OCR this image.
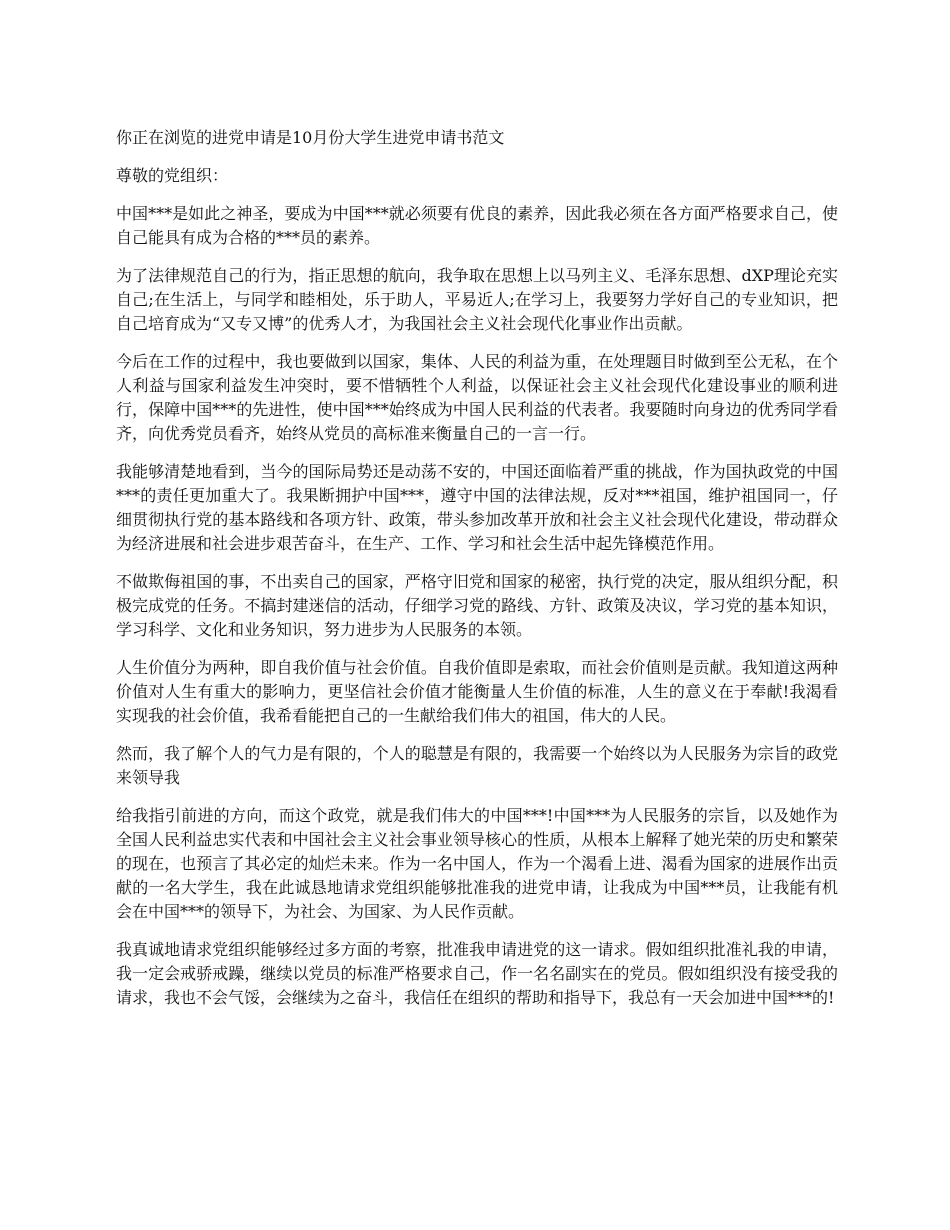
你正在浏览的进党申请是10月份大学生进党申请书范文

尊敬的党组织：

中国***是如此之神圣，要成为中国***就必须要有优良的素养，因此我必须在各方面严格要求自己，使自己能具有成为合格的***员的素养。

为了法律规范自己的行为，指正思想的航向，我争取在思想上以马列主义、毛泽东思想、dXP理论充实自己;在生活上，与同学和睦相处，乐于助人，平易近人;在学习上，我要努力学好自己的专业知识，把自己培育成为“又专又博”的优秀人才，为我国社会主义社会现代化事业作出贡献。

今后在工作的过程中，我也要做到以国家，集体、人民的利益为重，在处理题目时做到至公无私，在个人利益与国家利益发生冲突时，要不惜牺牲个人利益，以保证社会主义社会现代化建设事业的顺利进行，保障中国***的先进性，使中国***始终成为中国人民利益的代表者。我要随时向身边的优秀同学看齐，向优秀党员看齐，始终从党员的高标准来衡量自己的一言一行。

我能够清楚地看到，当今的国际局势还是动荡不安的，中国还面临着严重的挑战，作为国执政党的中国***的责任更加重大了。我果断拥护中国***，遵守中国的法律法规，反对***祖国，维护祖国同一，仔细贯彻执行党的基本路线和各项方针、政策，带头参加改革开放和社会主义社会现代化建设，带动群众为经济进展和社会进步艰苦奋斗，在生产、工作、学习和社会生活中起先锋模范作用。

不做欺侮祖国的事，不出卖自己的国家，严格守旧党和国家的秘密，执行党的决定，服从组织分配，积极完成党的任务。不搞封建迷信的活动，仔细学习党的路线、方针、政策及决议，学习党的基本知识，学习科学、文化和业务知识，努力进步为人民服务的本领。

人生价值分为两种，即自我价值与社会价值。自我价值即是索取，而社会价值则是贡献。我知道这两种价值对人生有重大的影响力，更坚信社会价值才能衡量人生价值的标准，人生的意义在于奉献!我渴看实现我的社会价值，我希看能把自己的一生献给我们伟大的祖国，伟大的人民。

然而，我了解个人的气力是有限的，个人的聪慧是有限的，我需要一个始终以为人民服务为宗旨的政党来领导我

给我指引前进的方向，而这个政党，就是我们伟大的中国***!中国***为人民服务的宗旨，以及她作为全国人民利益忠实代表和中国社会主义社会事业领导核心的性质，从根本上解释了她光荣的历史和繁荣的现在，也预言了其必定的灿烂未来。作为一名中国人，作为一个渴看上进、渴看为国家的进展作出贡献的一名大学生，我在此诚恳地请求党组织能够批准我的进党申请，让我成为中国***员，让我能有机会在中国***的领导下，为社会、为国家、为人民作贡献。

我真诚地请求党组织能够经过多方面的考察，批准我申请进党的这一请求。假如组织批准礼我的申请，我一定会戒骄戒躁，继续以党员的标准严格要求自己，作一名名副实在的党员。假如组织没有接受我的请求，我也不会气馁，会继续为之奋斗，我信任在组织的帮助和指导下，我总有一天会加进中国***的!
